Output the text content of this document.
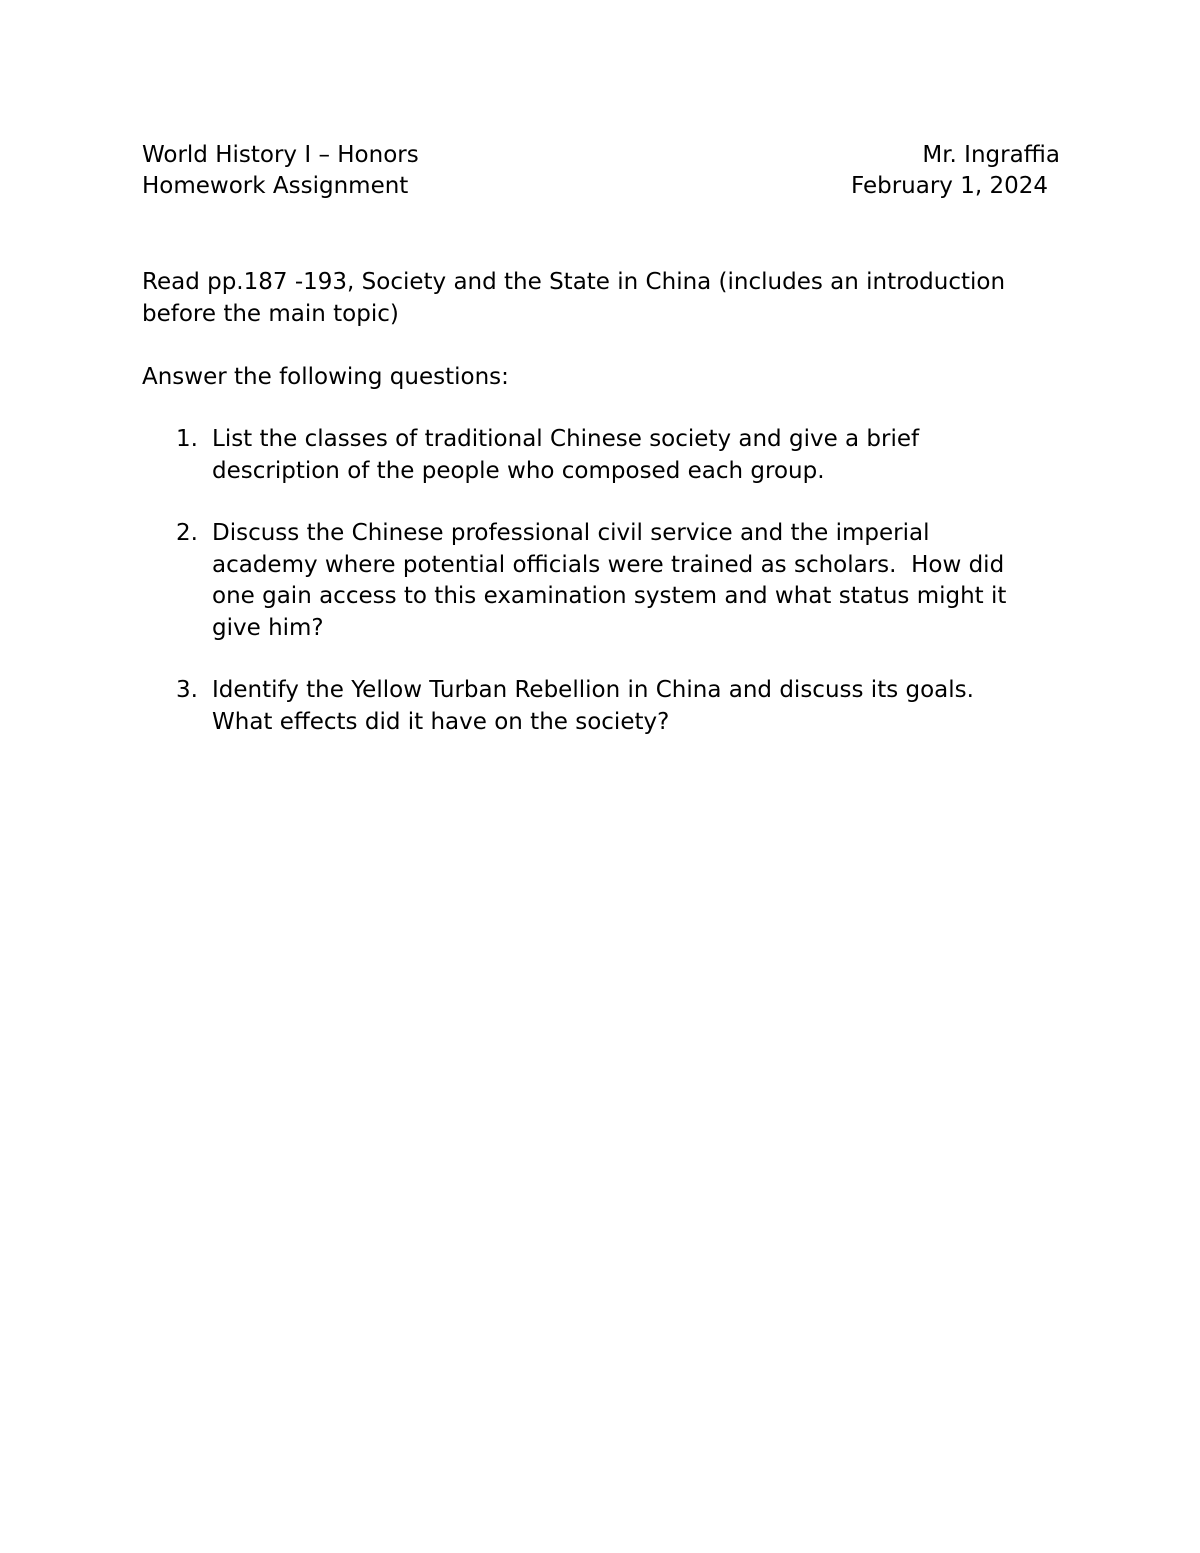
World History I – Honors	Mr. Ingraffia
Homework Assignment	February 1, 2024

Read pp.187 -193, Society and the State in China (includes an introduction before the main topic)

Answer the following questions:

1. List the classes of traditional Chinese society and give a brief description of the people who composed each group.
2. Discuss the Chinese professional civil service and the imperial academy where potential officials were trained as scholars.  How did one gain access to this examination system and what status might it give him?
3. Identify the Yellow Turban Rebellion in China and discuss its goals.  What effects did it have on the society?
